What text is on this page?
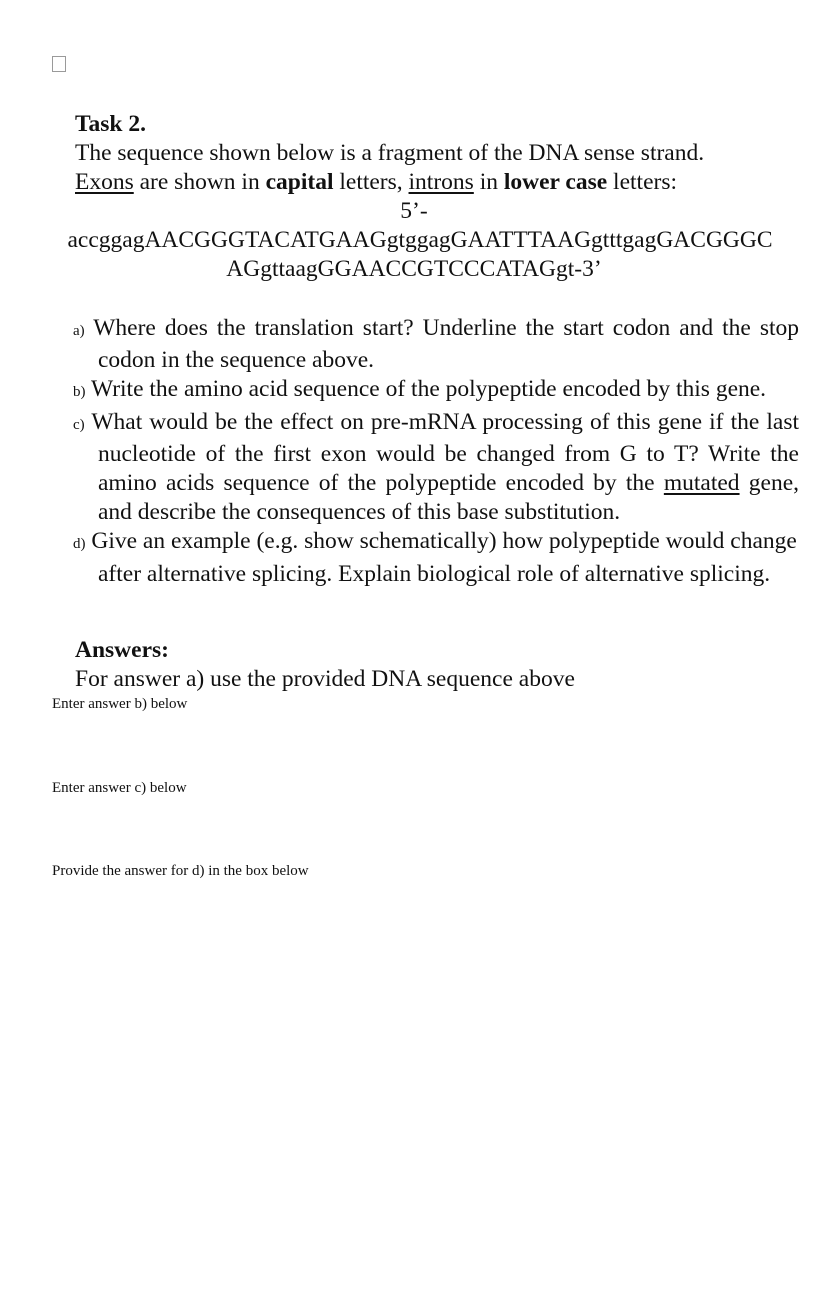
Task 2.
The sequence shown below is a fragment of the DNA sense strand.
Exons are shown in capital letters, introns in lower case letters:
5’-
accggagAACGGGTACATGAAGgtggagGAATTTAAGgtttgagGACGGGC
AGgttaagGGAACCGTCCCATAGgt-3’
a) Where does the translation start? Underline the start codon and the stop codon in the sequence above.
b) Write the amino acid sequence of the polypeptide encoded by this gene.
c) What would be the effect on pre-mRNA processing of this gene if the last nucleotide of the first exon would be changed from G to T? Write the amino acids sequence of the polypeptide encoded by the mutated gene, and describe the consequences of this base substitution.
d) Give an example (e.g. show schematically) how polypeptide would change after alternative splicing. Explain biological role of alternative splicing.
Answers:
For answer a) use the provided DNA sequence above
Enter answer b) below
Enter answer c) below
Provide the answer for d) in the box below
